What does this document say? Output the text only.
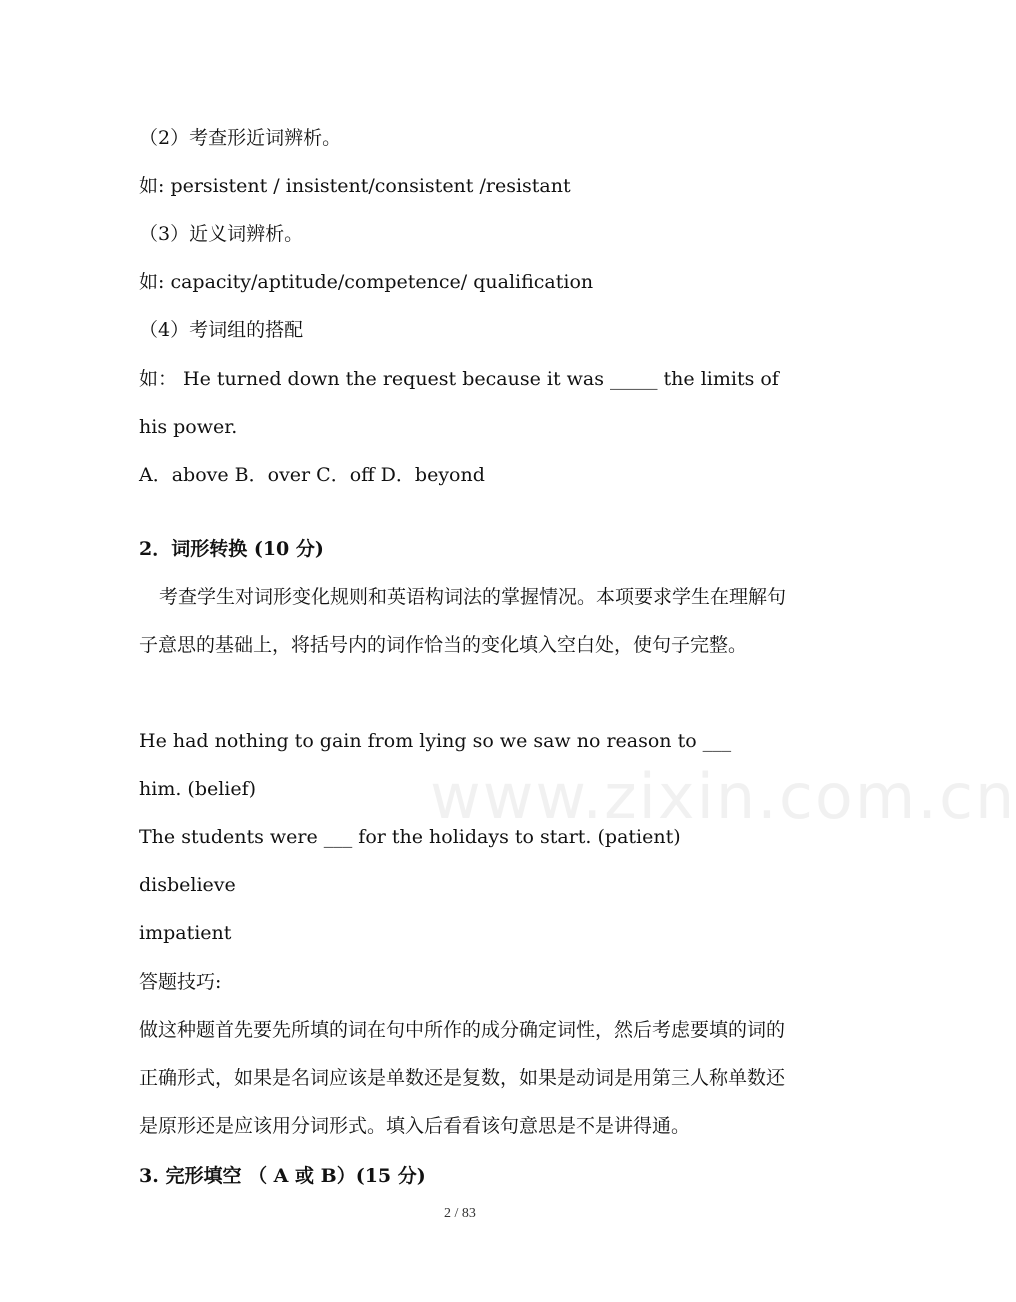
www.zixin.com.cn
（2）考查形近词辨析。
如: persistent / insistent/consistent /resistant
（3）近义词辨析。
如: capacity/aptitude/competence/ qualification
（4）考词组的搭配
如： He turned down the request because it was _____ the limits of
his power.
A．above B．over C．off D．beyond
2．词形转换 (10 分)
考查学生对词形变化规则和英语构词法的掌握情况。本项要求学生在理解句子意思的基础上，将括号内的词作恰当的变化填入空白处，使句子完整。
He had nothing to gain from lying so we saw no reason to ___
him. (belief)
The students were ___ for the holidays to start. (patient)
disbelieve
impatient
答题技巧:
做这种题首先要先所填的词在句中所作的成分确定词性，然后考虑要填的词的正确形式，如果是名词应该是单数还是复数，如果是动词是用第三人称单数还是原形还是应该用分词形式。填入后看看该句意思是不是讲得通。
3. 完形填空 （ A 或 B）(15 分)
2 / 83
